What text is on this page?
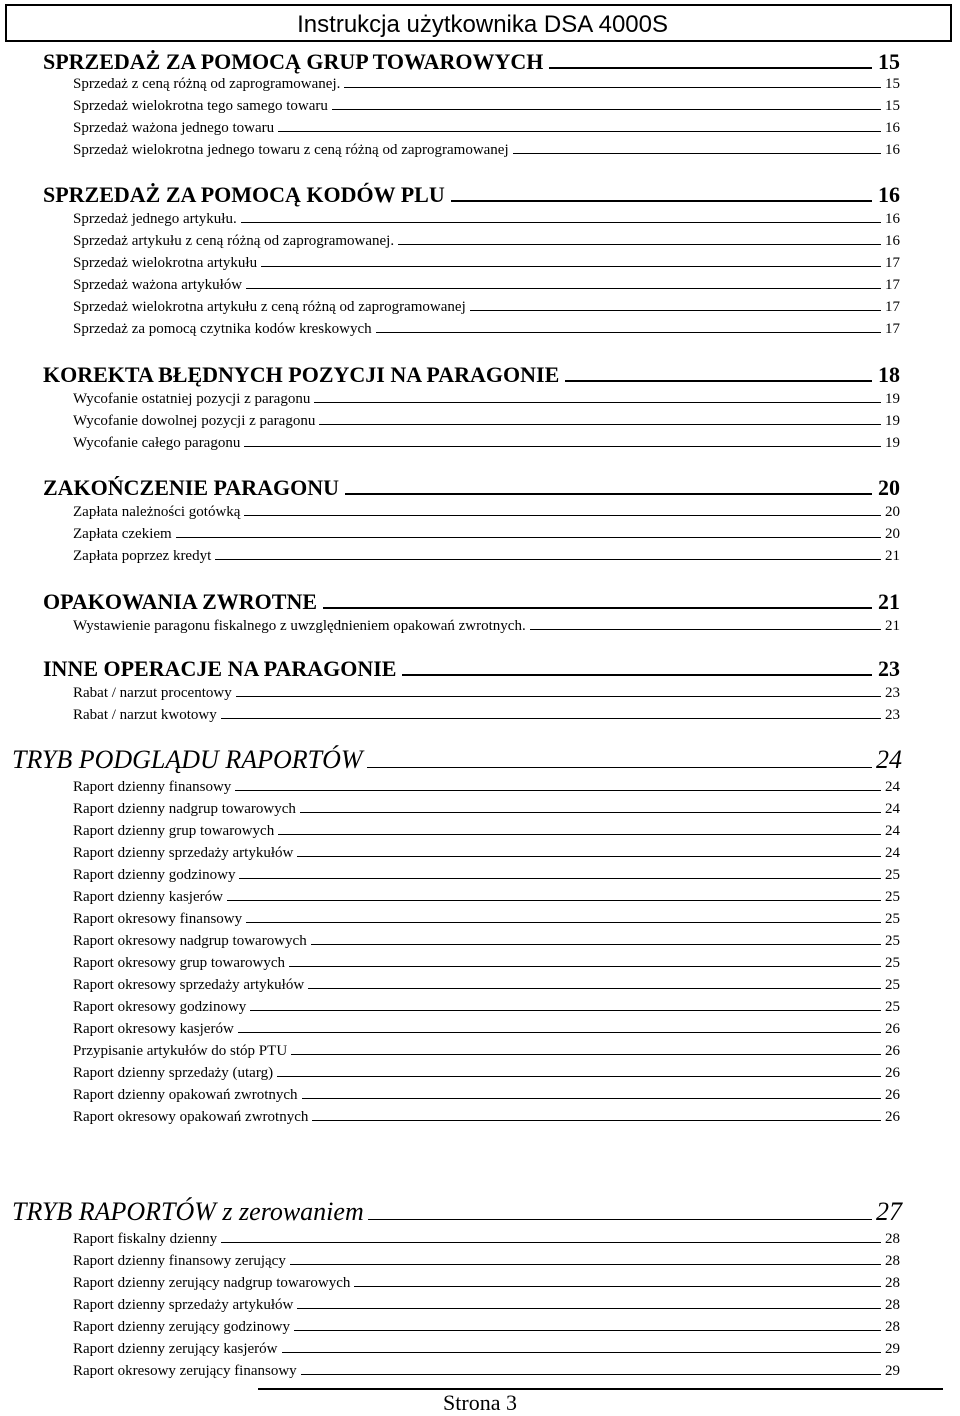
Instrukcja użytkownika DSA 4000S
SPRZEDAŻ ZA POMOCĄ GRUP TOWAROWYCH	15
Sprzedaż z ceną różną od zaprogramowanej.	15
Sprzedaż wielokrotna tego samego towaru	15
Sprzedaż ważona jednego towaru	16
Sprzedaż wielokrotna jednego towaru z ceną różną od zaprogramowanej	16
SPRZEDAŻ ZA POMOCĄ KODÓW PLU	16
Sprzedaż jednego artykułu.	16
Sprzedaż artykułu z ceną różną od zaprogramowanej.	16
Sprzedaż wielokrotna artykułu	17
Sprzedaż ważona artykułów	17
Sprzedaż wielokrotna artykułu z ceną różną od zaprogramowanej	17
Sprzedaż za pomocą czytnika kodów kreskowych	17
KOREKTA BŁĘDNYCH POZYCJI NA PARAGONIE	18
Wycofanie ostatniej pozycji z paragonu	19
Wycofanie dowolnej pozycji z paragonu	19
Wycofanie całego paragonu	19
ZAKOŃCZENIE PARAGONU	20
Zapłata należności gotówką	20
Zapłata czekiem	20
Zapłata poprzez kredyt	21
OPAKOWANIA ZWROTNE	21
Wystawienie paragonu fiskalnego z uwzględnieniem opakowań zwrotnych.	21
INNE OPERACJE NA PARAGONIE	23
Rabat / narzut procentowy	23
Rabat / narzut kwotowy	23
TRYB PODGLĄDU RAPORTÓW	24
Raport dzienny finansowy	24
Raport dzienny nadgrup towarowych	24
Raport dzienny grup towarowych	24
Raport dzienny sprzedaży artykułów	24
Raport dzienny godzinowy	25
Raport dzienny kasjerów	25
Raport okresowy finansowy	25
Raport okresowy nadgrup towarowych	25
Raport okresowy grup towarowych	25
Raport okresowy sprzedaży artykułów	25
Raport okresowy godzinowy	25
Raport okresowy kasjerów	26
Przypisanie artykułów do stóp PTU	26
Raport dzienny sprzedaży (utarg)	26
Raport dzienny opakowań zwrotnych	26
Raport okresowy opakowań zwrotnych	26
TRYB RAPORTÓW z zerowaniem	27
Raport fiskalny dzienny	28
Raport dzienny finansowy zerujący	28
Raport dzienny zerujący nadgrup towarowych	28
Raport dzienny sprzedaży artykułów	28
Raport dzienny zerujący godzinowy	28
Raport dzienny zerujący kasjerów	29
Raport okresowy zerujący finansowy	29
Strona 3
